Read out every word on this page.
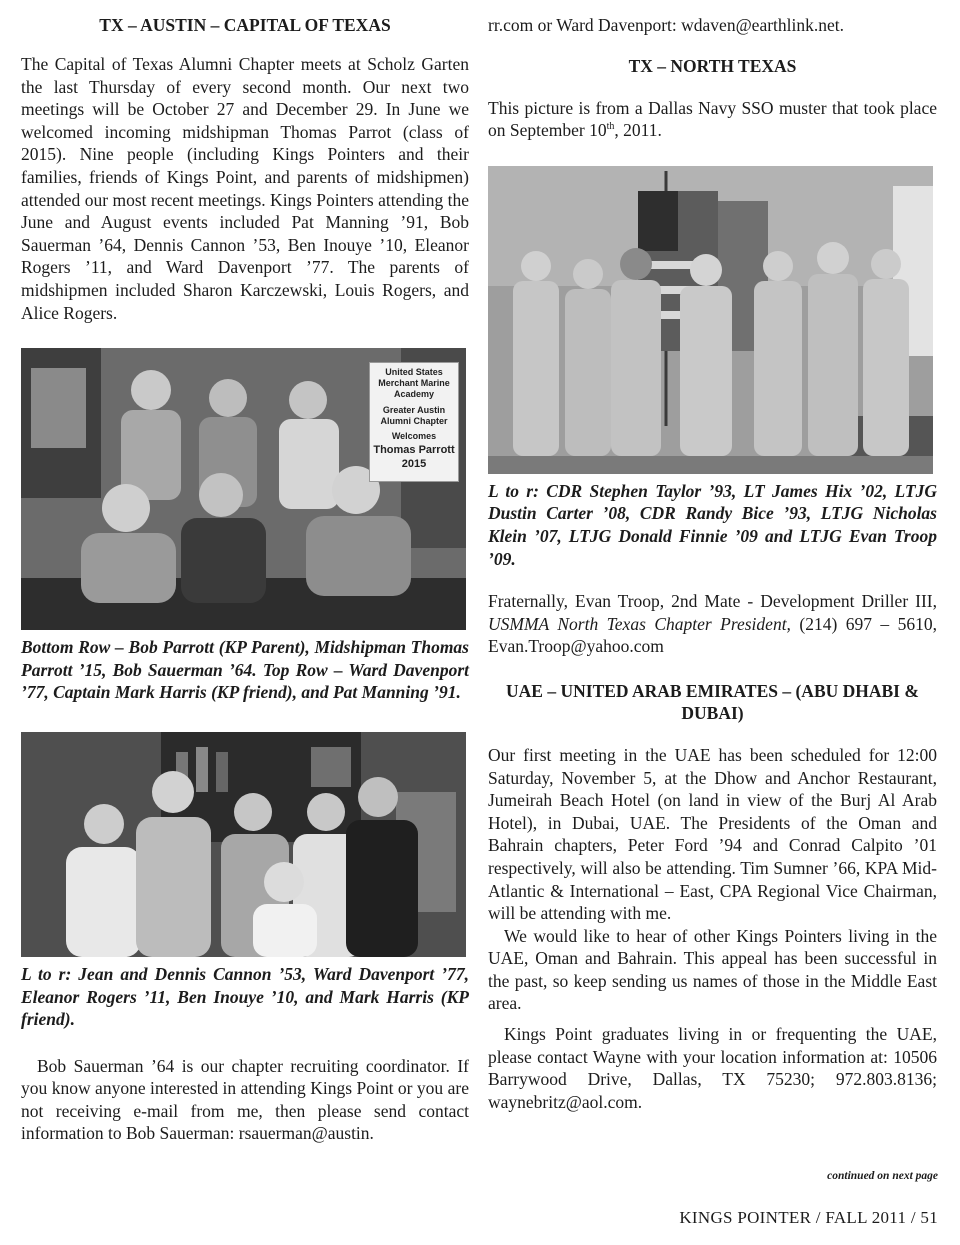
TX – AUSTIN – CAPITAL OF TEXAS

The Capital of Texas Alumni Chapter meets at Scholz Garten the last Thursday of every second month. Our next two meetings will be October 27 and December 29. In June we welcomed incoming midshipman Thomas Parrot (class of 2015). Nine people (including Kings Pointers and their families, friends of Kings Point, and parents of midshipmen) attended our most recent meetings. Kings Pointers attending the June and August events included Pat Manning ’91, Bob Sauerman ’64, Dennis Cannon ’53, Ben Inouye ’10, Eleanor Rogers ’11, and Ward Davenport ’77. The parents of midshipmen included Sharon Karczewski, Louis Rogers, and Alice Rogers.

United States
Merchant Marine
Academy
Greater Austin
Alumni Chapter
Welcomes
Thomas Parrott
2015

Bottom Row – Bob Parrott (KP Parent), Midshipman Thomas Parrott ’15, Bob Sauerman ’64. Top Row – Ward Davenport ’77, Captain Mark Harris (KP friend), and Pat Manning ’91.

L to r: Jean and Dennis Cannon ’53, Ward Davenport ’77, Eleanor Rogers ’11, Ben Inouye ’10, and Mark Harris (KP friend).

Bob Sauerman ’64 is our chapter recruiting coordinator. If you know anyone interested in attending Kings Point or you are not receiving e-mail from me, then please send contact information to Bob Sauerman: rsauerman@austin.

rr.com or Ward Davenport: wdaven@earthlink.net.

TX – NORTH TEXAS

This picture is from a Dallas Navy SSO muster that took place on September 10th, 2011.

L to r: CDR Stephen Taylor ’93, LT James Hix ’02, LTJG Dustin Carter ’08, CDR Randy Bice ’93, LTJG Nicholas Klein ’07, LTJG Donald Finnie ’09 and LTJG Evan Troop ’09.

Fraternally, Evan Troop, 2nd Mate - Development Driller III, USMMA North Texas Chapter President, (214) 697 – 5610, Evan.Troop@yahoo.com

UAE – UNITED ARAB EMIRATES – (ABU DHABI & DUBAI)

Our first meeting in the UAE has been scheduled for 12:00 Saturday, November 5, at the Dhow and Anchor Restaurant, Jumeirah Beach Hotel (on land in view of the Burj Al Arab Hotel), in Dubai, UAE. The Presidents of the Oman and Bahrain chapters, Peter Ford ’94 and Conrad Calpito ’01 respectively, will also be attending. Tim Sumner ’66, KPA Mid-Atlantic & International – East, CPA Regional Vice Chairman, will be attending with me.

We would like to hear of other Kings Pointers living in the UAE, Oman and Bahrain. This appeal has been successful in the past, so keep sending us names of those in the Middle East area.

Kings Point graduates living in or frequenting the UAE, please contact Wayne with your location information at: 10506 Barrywood Drive, Dallas, TX 75230; 972.803.8136; waynebritz@aol.com.

continued on next page
KINGS POINTER / FALL 2011 / 51
